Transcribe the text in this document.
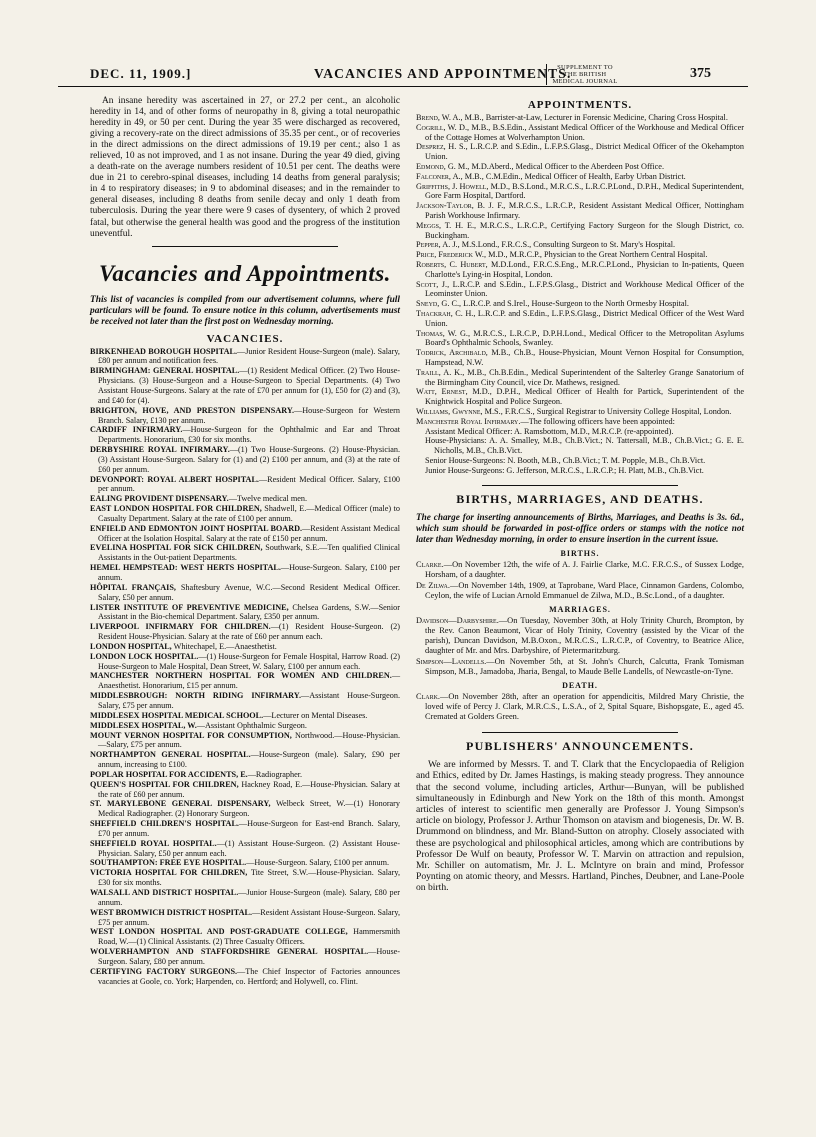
DEC. 11, 1909.]	VACANCIES AND APPOINTMENTS.
SUPPLEMENT TO THE BRITISH MEDICAL JOURNAL
375

An insane heredity was ascertained in 27, or 27.2 per cent., an alcoholic heredity in 14, and of other forms of neuropathy in 8, giving a total neuropathic heredity in 49, or 50 per cent. During the year 35 were discharged as recovered, giving a recovery-rate on the direct admissions of 35.35 per cent., or of recoveries in the direct admissions on the direct admissions of 19.19 per cent.; also 1 as relieved, 10 as not improved, and 1 as not insane. During the year 49 died, giving a death-rate on the average numbers resident of 10.51 per cent. The deaths were due in 21 to cerebro-spinal diseases, including 14 deaths from general paralysis; in 4 to respiratory diseases; in 9 to abdominal diseases; and in the remainder to general diseases, including 8 deaths from senile decay and only 1 death from tuberculosis. During the year there were 9 cases of dysentery, of which 2 proved fatal, but otherwise the general health was good and the progress of the institution uneventful.

Vacancies and Appointments.

This list of vacancies is compiled from our advertisement columns, where full particulars will be found. To ensure notice in this column, advertisements must be received not later than the first post on Wednesday morning.

VACANCIES.

BIRKENHEAD BOROUGH HOSPITAL.—Junior Resident House-Surgeon (male). Salary, £80 per annum and notification fees.

BIRMINGHAM: GENERAL HOSPITAL.—(1) Resident Medical Officer. (2) Two House-Physicians. (3) House-Surgeon and a House-Surgeon to Special Departments. (4) Two Assistant House-Surgeons. Salary at the rate of £70 per annum for (1), £50 for (2) and (3), and £40 for (4).

BRIGHTON, HOVE, AND PRESTON DISPENSARY.—House-Surgeon for Western Branch. Salary, £130 per annum.

CARDIFF INFIRMARY.—House-Surgeon for the Ophthalmic and Ear and Throat Departments. Honorarium, £30 for six months.

DERBYSHIRE ROYAL INFIRMARY.—(1) Two House-Surgeons. (2) House-Physician. (3) Assistant House-Surgeon. Salary for (1) and (2) £100 per annum, and (3) at the rate of £60 per annum.

DEVONPORT: ROYAL ALBERT HOSPITAL.—Resident Medical Officer. Salary, £100 per annum.

EALING PROVIDENT DISPENSARY.—Twelve medical men.

EAST LONDON HOSPITAL FOR CHILDREN, Shadwell, E.—Medical Officer (male) to Casualty Department. Salary at the rate of £100 per annum.

ENFIELD AND EDMONTON JOINT HOSPITAL BOARD.—Resident Assistant Medical Officer at the Isolation Hospital. Salary at the rate of £150 per annum.

EVELINA HOSPITAL FOR SICK CHILDREN, Southwark, S.E.—Ten qualified Clinical Assistants in the Out-patient Departments.

HEMEL HEMPSTEAD: WEST HERTS HOSPITAL.—House-Surgeon. Salary, £100 per annum.

HÔPITAL FRANÇAIS, Shaftesbury Avenue, W.C.—Second Resident Medical Officer. Salary, £50 per annum.

LISTER INSTITUTE OF PREVENTIVE MEDICINE, Chelsea Gardens, S.W.—Senior Assistant in the Bio-chemical Department. Salary, £350 per annum.

LIVERPOOL INFIRMARY FOR CHILDREN.—(1) Resident House-Surgeon. (2) Resident House-Physician. Salary at the rate of £60 per annum each.

LONDON HOSPITAL, Whitechapel, E.—Anaesthetist.

LONDON LOCK HOSPITAL.—(1) House-Surgeon for Female Hospital, Harrow Road. (2) House-Surgeon to Male Hospital, Dean Street, W. Salary, £100 per annum each.

MANCHESTER NORTHERN HOSPITAL FOR WOMEN AND CHILDREN.—Anaesthetist. Honorarium, £15 per annum.

MIDDLESBROUGH: NORTH RIDING INFIRMARY.—Assistant House-Surgeon. Salary, £75 per annum.

MIDDLESEX HOSPITAL MEDICAL SCHOOL.—Lecturer on Mental Diseases.

MIDDLESEX HOSPITAL, W.—Assistant Ophthalmic Surgeon.

MOUNT VERNON HOSPITAL FOR CONSUMPTION, Northwood.—House-Physician.—Salary, £75 per annum.

NORTHAMPTON GENERAL HOSPITAL.—House-Surgeon (male). Salary, £90 per annum, increasing to £100.

POPLAR HOSPITAL FOR ACCIDENTS, E.—Radiographer.

QUEEN'S HOSPITAL FOR CHILDREN, Hackney Road, E.—House-Physician. Salary at the rate of £60 per annum.

ST. MARYLEBONE GENERAL DISPENSARY, Welbeck Street, W.—(1) Honorary Medical Radiographer. (2) Honorary Surgeon.

SHEFFIELD CHILDREN'S HOSPITAL.—House-Surgeon for East-end Branch. Salary, £70 per annum.

SHEFFIELD ROYAL HOSPITAL.—(1) Assistant House-Surgeon. (2) Assistant House-Physician. Salary, £50 per annum each.

SOUTHAMPTON: FREE EYE HOSPITAL.—House-Surgeon. Salary, £100 per annum.

VICTORIA HOSPITAL FOR CHILDREN, Tite Street, S.W.—House-Physician. Salary, £30 for six months.

WALSALL AND DISTRICT HOSPITAL.—Junior House-Surgeon (male). Salary, £80 per annum.

WEST BROMWICH DISTRICT HOSPITAL.—Resident Assistant House-Surgeon. Salary, £75 per annum.

WEST LONDON HOSPITAL AND POST-GRADUATE COLLEGE, Hammersmith Road, W.—(1) Clinical Assistants. (2) Three Casualty Officers.

WOLVERHAMPTON AND STAFFORDSHIRE GENERAL HOSPITAL.—House-Surgeon. Salary, £80 per annum.

CERTIFYING FACTORY SURGEONS.—The Chief Inspector of Factories announces vacancies at Goole, co. York; Harpenden, co. Hertford; and Holywell, co. Flint.

APPOINTMENTS.

Brend, W. A., M.B., Barrister-at-Law, Lecturer in Forensic Medicine, Charing Cross Hospital.

Cogrill, W. D., M.B., B.S.Edin., Assistant Medical Officer of the Workhouse and Medical Officer of the Cottage Homes at Wolverhampton Union.

Desprez, H. S., L.R.C.P. and S.Edin., L.F.P.S.Glasg., District Medical Officer of the Okehampton Union.

Edmond, G. M., M.D.Aberd., Medical Officer to the Aberdeen Post Office.

Falconer, A., M.B., C.M.Edin., Medical Officer of Health, Earby Urban District.

Griffiths, J. Howell, M.D., B.S.Lond., M.R.C.S., L.R.C.P.Lond., D.P.H., Medical Superintendent, Gore Farm Hospital, Dartford.

Jackson-Taylor, B. J. F., M.R.C.S., L.R.C.P., Resident Assistant Medical Officer, Nottingham Parish Workhouse Infirmary.

Meggs, T. H. E., M.R.C.S., L.R.C.P., Certifying Factory Surgeon for the Slough District, co. Buckingham.

Pepper, A. J., M.S.Lond., F.R.C.S., Consulting Surgeon to St. Mary's Hospital.

Price, Frederick W., M.D., M.R.C.P., Physician to the Great Northern Central Hospital.

Roberts, C. Hubert, M.D.Lond., F.R.C.S.Eng., M.R.C.P.Lond., Physician to In-patients, Queen Charlotte's Lying-in Hospital, London.

Scott, J., L.R.C.P. and S.Edin., L.F.P.S.Glasg., District and Workhouse Medical Officer of the Leominster Union.

Sneyd, G. C., L.R.C.P. and S.Irel., House-Surgeon to the North Ormesby Hospital.

Thackrah, C. H., L.R.C.P. and S.Edin., L.F.P.S.Glasg., District Medical Officer of the West Ward Union.

Thomas, W. G., M.R.C.S., L.R.C.P., D.P.H.Lond., Medical Officer to the Metropolitan Asylums Board's Ophthalmic Schools, Swanley.

Todrick, Archibald, M.B., Ch.B., House-Physician, Mount Vernon Hospital for Consumption, Hampstead, N.W.

Traill, A. K., M.B., Ch.B.Edin., Medical Superintendent of the Salterley Grange Sanatorium of the Birmingham City Council, vice Dr. Mathews, resigned.

Watt, Ernest, M.D., D.P.H., Medical Officer of Health for Partick, Superintendent of the Knightwick Hospital and Police Surgeon.

Williams, Gwynne, M.S., F.R.C.S., Surgical Registrar to University College Hospital, London.

Manchester Royal Infirmary.—The following officers have been appointed:

Assistant Medical Officer: A. Ramsbottom, M.D., M.R.C.P. (re-appointed).

House-Physicians: A. A. Smalley, M.B., Ch.B.Vict.; N. Tattersall, M.B., Ch.B.Vict.; G. E. E. Nicholls, M.B., Ch.B.Vict.

Senior House-Surgeons: N. Booth, M.B., Ch.B.Vict.; T. M. Popple, M.B., Ch.B.Vict.

Junior House-Surgeons: G. Jefferson, M.R.C.S., L.R.C.P.; H. Platt, M.B., Ch.B.Vict.

BIRTHS, MARRIAGES, AND DEATHS.

The charge for inserting announcements of Births, Marriages, and Deaths is 3s. 6d., which sum should be forwarded in post-office orders or stamps with the notice not later than Wednesday morning, in order to ensure insertion in the current issue.

BIRTHS.

Clarke.—On November 12th, the wife of A. J. Fairlie Clarke, M.C. F.R.C.S., of Sussex Lodge, Horsham, of a daughter.

De Zilwa.—On November 14th, 1909, at Taprobane, Ward Place, Cinnamon Gardens, Colombo, Ceylon, the wife of Lucian Arnold Emmanuel de Zilwa, M.D., B.Sc.Lond., of a daughter.

MARRIAGES.

Davidson—Darbyshire.—On Tuesday, November 30th, at Holy Trinity Church, Brompton, by the Rev. Canon Beaumont, Vicar of Holy Trinity, Coventry (assisted by the Vicar of the parish), Duncan Davidson, M.B.Oxon., M.R.C.S., L.R.C.P., of Coventry, to Beatrice Alice, daughter of Mr. and Mrs. Darbyshire, of Pietermaritzburg.

Simpson—Landells.—On November 5th, at St. John's Church, Calcutta, Frank Tomisman Simpson, M.B., Jamadoba, Jharia, Bengal, to Maude Belle Landells, of Newcastle-on-Tyne.

DEATH.

Clark.—On November 28th, after an operation for appendicitis, Mildred Mary Christie, the loved wife of Percy J. Clark, M.R.C.S., L.S.A., of 2, Spital Square, Bishopsgate, E., aged 45. Cremated at Golders Green.

PUBLISHERS' ANNOUNCEMENTS.

We are informed by Messrs. T. and T. Clark that the Encyclopaedia of Religion and Ethics, edited by Dr. James Hastings, is making steady progress. They announce that the second volume, including articles, Arthur—Bunyan, will be published simultaneously in Edinburgh and New York on the 18th of this month. Amongst articles of interest to scientific men generally are Professor J. Young Simpson's article on biology, Professor J. Arthur Thomson on atavism and biogenesis, Dr. W. B. Drummond on blindness, and Mr. Bland-Sutton on atrophy. Closely associated with these are psychological and philosophical articles, among which are contributions by Professor De Wulf on beauty, Professor W. T. Marvin on attraction and repulsion, Mr. Schiller on automatism, Mr. J. L. McIntyre on brain and mind, Professor Poynting on atomic theory, and Messrs. Hartland, Pinches, Deubner, and Lane-Poole on birth.
